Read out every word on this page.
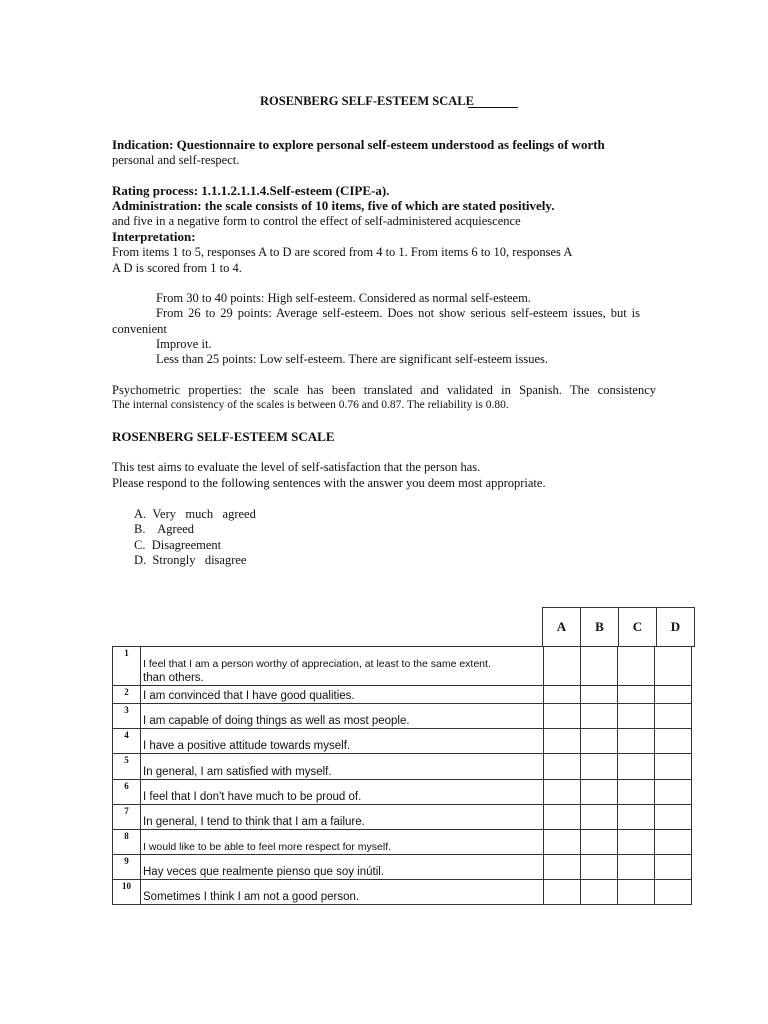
ROSENBERG SELF-ESTEEM SCALE
Indication: Questionnaire to explore personal self-esteem understood as feelings of worth
personal and self-respect.
Rating process: 1.1.1.2.1.1.4.Self-esteem (CIPE-a).
Administration: the scale consists of 10 items, five of which are stated positively.
and five in a negative form to control the effect of self-administered acquiescence
Interpretation:
From items 1 to 5, responses A to D are scored from 4 to 1. From items 6 to 10, responses A
A D is scored from 1 to 4.
From 30 to 40 points: High self-esteem. Considered as normal self-esteem.
From 26 to 29 points: Average self-esteem. Does not show serious self-esteem issues, but is
convenient
Improve it.
Less than 25 points: Low self-esteem. There are significant self-esteem issues.
Psychometric properties: the scale has been translated and validated in Spanish. The consistency
The internal consistency of the scales is between 0.76 and 0.87. The reliability is 0.80.
ROSENBERG SELF-ESTEEM SCALE
This test aims to evaluate the level of self-satisfaction that the person has.
Please respond to the following sentences with the answer you deem most appropriate.
A.  Very   much   agreed
B.    Agreed
C.  Disagreement
D.  Strongly   disagree
A	B	C	D
1	I feel that I am a person worthy of appreciation, at least to the same extent.
than others.				

2	I am convinced that I have good qualities.				

3	I am capable of doing things as well as most people.				

4	I have a positive attitude towards myself.				

5	In general, I am satisfied with myself.				

6	I feel that I don't have much to be proud of.				

7	In general, I tend to think that I am a failure.				

8	I would like to be able to feel more respect for myself.				

9	Hay veces que realmente pienso que soy inútil.				

10	Sometimes I think I am not a good person.				
